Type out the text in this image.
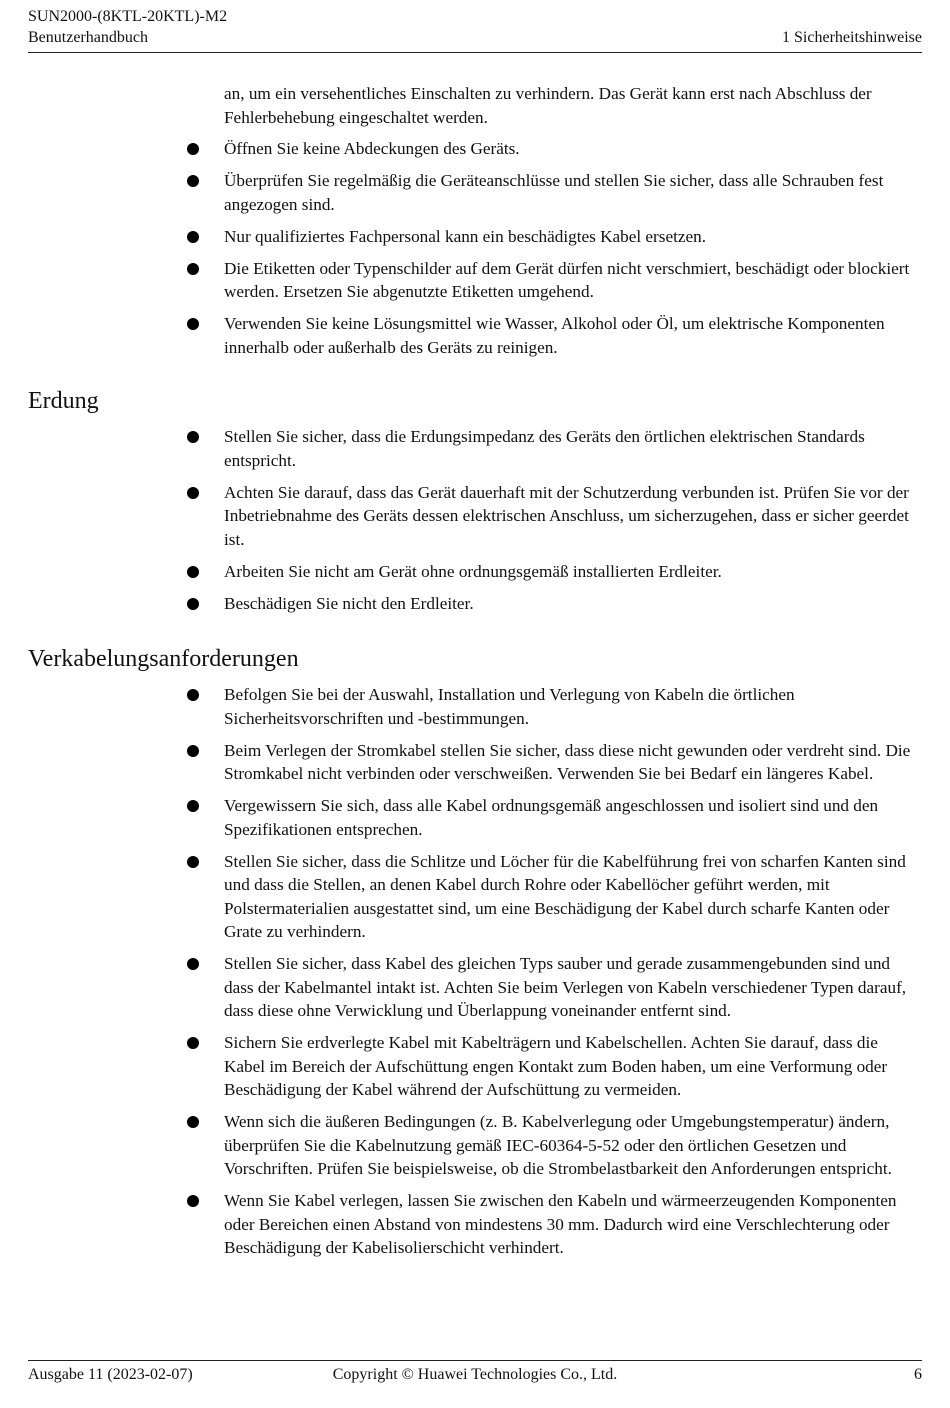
SUN2000-(8KTL-20KTL)-M2
Benutzerhandbuch	1 Sicherheitshinweise
an, um ein versehentliches Einschalten zu verhindern. Das Gerät kann erst nach Abschluss der Fehlerbehebung eingeschaltet werden.
Öffnen Sie keine Abdeckungen des Geräts.
Überprüfen Sie regelmäßig die Geräteanschlüsse und stellen Sie sicher, dass alle Schrauben fest angezogen sind.
Nur qualifiziertes Fachpersonal kann ein beschädigtes Kabel ersetzen.
Die Etiketten oder Typenschilder auf dem Gerät dürfen nicht verschmiert, beschädigt oder blockiert werden. Ersetzen Sie abgenutzte Etiketten umgehend.
Verwenden Sie keine Lösungsmittel wie Wasser, Alkohol oder Öl, um elektrische Komponenten innerhalb oder außerhalb des Geräts zu reinigen.
Erdung
Stellen Sie sicher, dass die Erdungsimpedanz des Geräts den örtlichen elektrischen Standards entspricht.
Achten Sie darauf, dass das Gerät dauerhaft mit der Schutzerdung verbunden ist. Prüfen Sie vor der Inbetriebnahme des Geräts dessen elektrischen Anschluss, um sicherzugehen, dass er sicher geerdet ist.
Arbeiten Sie nicht am Gerät ohne ordnungsgemäß installierten Erdleiter.
Beschädigen Sie nicht den Erdleiter.
Verkabelungsanforderungen
Befolgen Sie bei der Auswahl, Installation und Verlegung von Kabeln die örtlichen Sicherheitsvorschriften und -bestimmungen.
Beim Verlegen der Stromkabel stellen Sie sicher, dass diese nicht gewunden oder verdreht sind. Die Stromkabel nicht verbinden oder verschweißen. Verwenden Sie bei Bedarf ein längeres Kabel.
Vergewissern Sie sich, dass alle Kabel ordnungsgemäß angeschlossen und isoliert sind und den Spezifikationen entsprechen.
Stellen Sie sicher, dass die Schlitze und Löcher für die Kabelführung frei von scharfen Kanten sind und dass die Stellen, an denen Kabel durch Rohre oder Kabellöcher geführt werden, mit Polstermaterialien ausgestattet sind, um eine Beschädigung der Kabel durch scharfe Kanten oder Grate zu verhindern.
Stellen Sie sicher, dass Kabel des gleichen Typs sauber und gerade zusammengebunden sind und dass der Kabelmantel intakt ist. Achten Sie beim Verlegen von Kabeln verschiedener Typen darauf, dass diese ohne Verwicklung und Überlappung voneinander entfernt sind.
Sichern Sie erdverlegte Kabel mit Kabelträgern und Kabelschellen. Achten Sie darauf, dass die Kabel im Bereich der Aufschüttung engen Kontakt zum Boden haben, um eine Verformung oder Beschädigung der Kabel während der Aufschüttung zu vermeiden.
Wenn sich die äußeren Bedingungen (z. B. Kabelverlegung oder Umgebungstemperatur) ändern, überprüfen Sie die Kabelnutzung gemäß IEC-60364-5-52 oder den örtlichen Gesetzen und Vorschriften. Prüfen Sie beispielsweise, ob die Strombelastbarkeit den Anforderungen entspricht.
Wenn Sie Kabel verlegen, lassen Sie zwischen den Kabeln und wärmeerzeugenden Komponenten oder Bereichen einen Abstand von mindestens 30 mm. Dadurch wird eine Verschlechterung oder Beschädigung der Kabelisolierschicht verhindert.
Ausgabe 11 (2023-02-07)	Copyright © Huawei Technologies Co., Ltd.	6
